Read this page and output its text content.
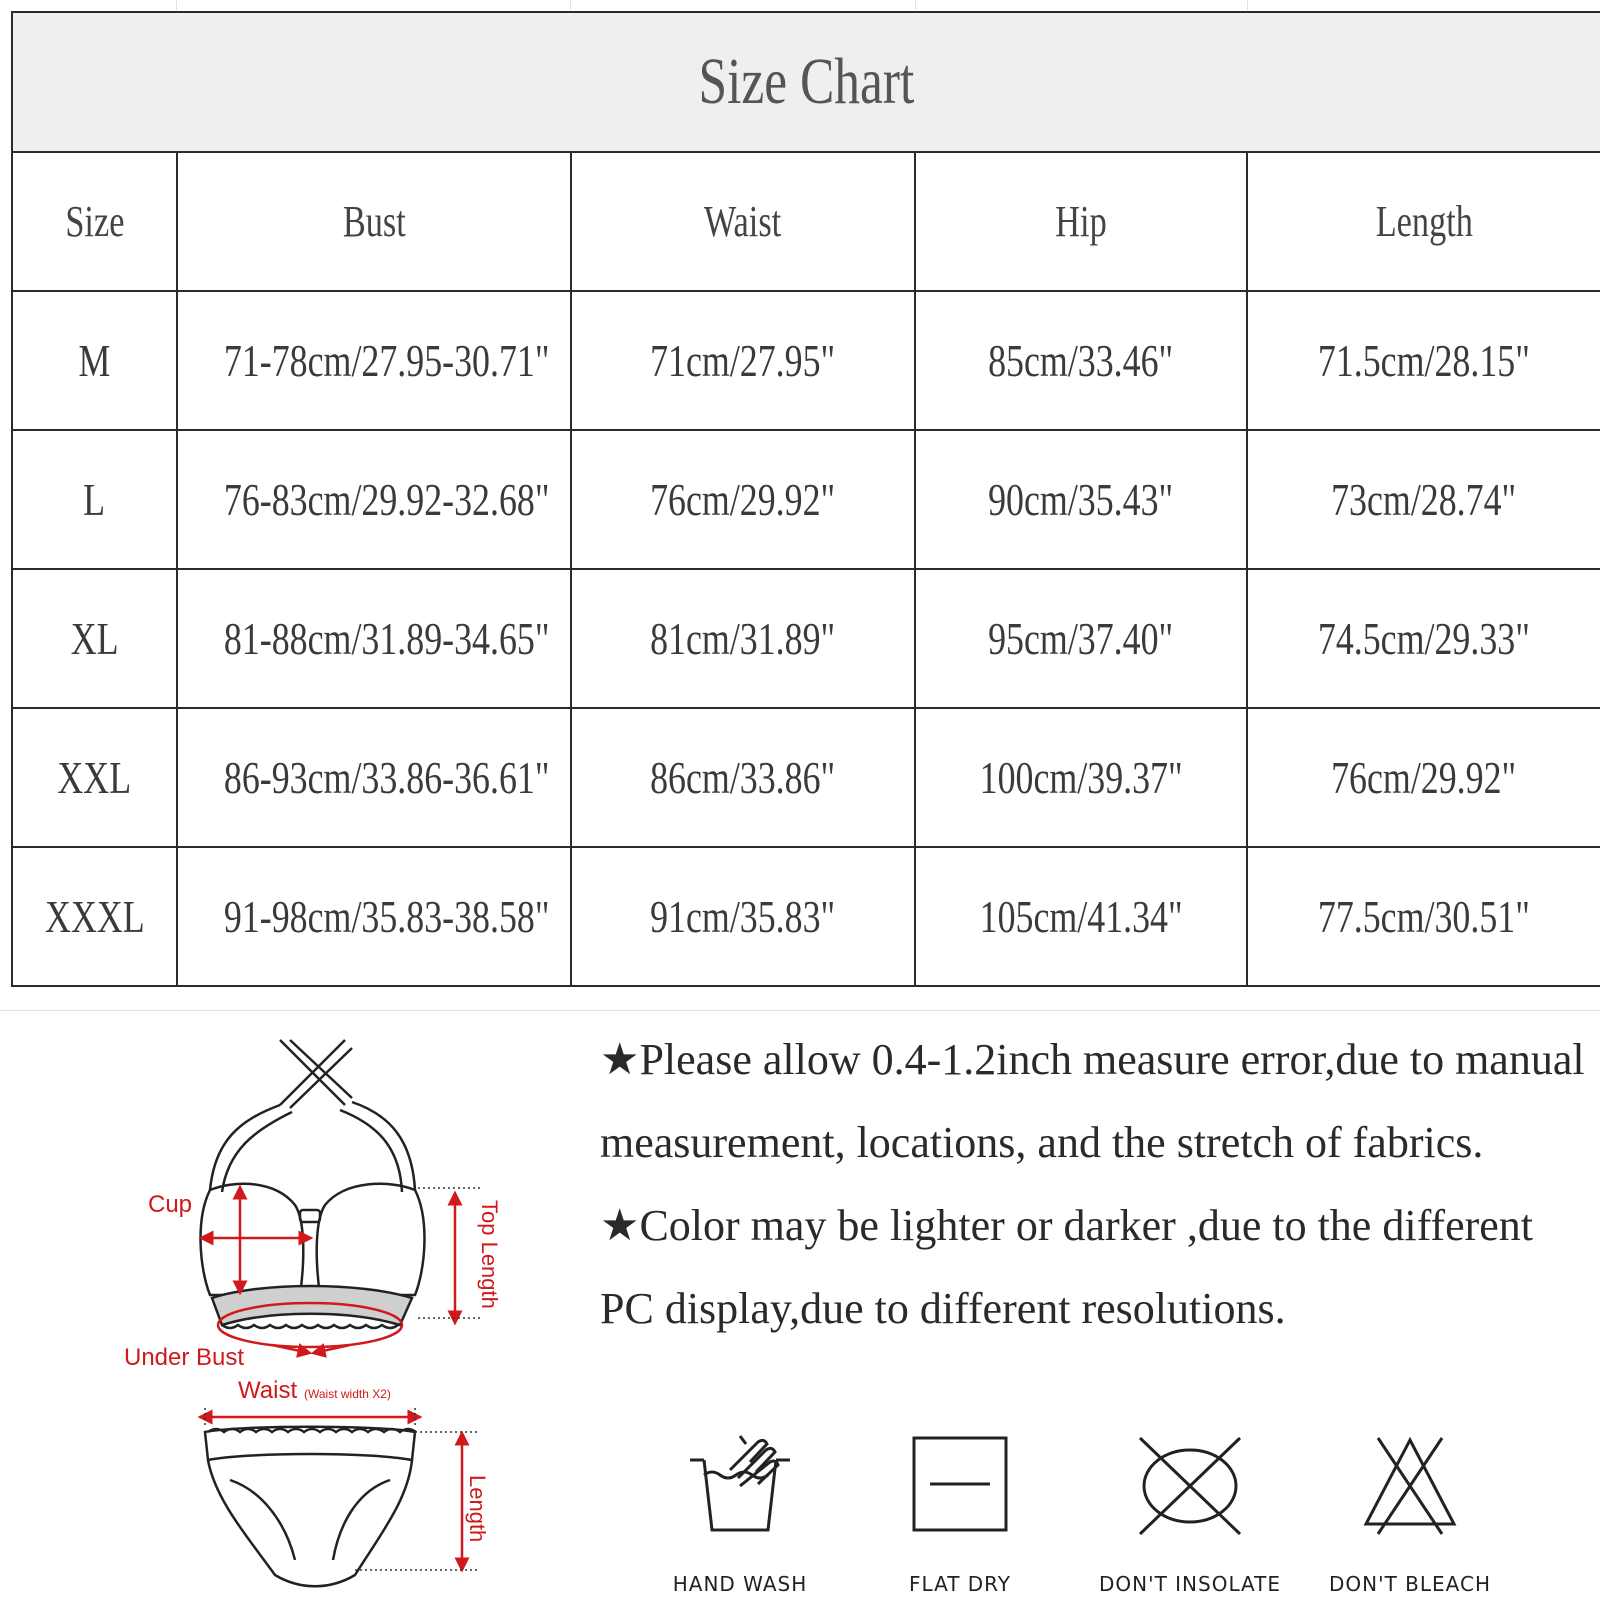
Size Chart				
Size	Bust	Waist	Hip	Length
M	71-78cm/27.95-30.71"	71cm/27.95"	85cm/33.46"	71.5cm/28.15"
L	76-83cm/29.92-32.68"	76cm/29.92"	90cm/35.43"	73cm/28.74"
XL	81-88cm/31.89-34.65"	81cm/31.89"	95cm/37.40"	74.5cm/29.33"
XXL	86-93cm/33.86-36.61"	86cm/33.86"	100cm/39.37"	76cm/29.92"
XXXL	91-98cm/35.83-38.58"	91cm/35.83"	105cm/41.34"	77.5cm/30.51"
Cup
Under Bust
Waist (Waist width X2)
Top Length
Length

★Please allow 0.4-1.2inch measure error,due to manual measurement, locations, and the stretch of fabrics.

★Color may be lighter or darker ,due to the different PC display,due to different resolutions.

HAND WASH	FLAT DRY	DON'T INSOLATE	DON'T BLEACH
